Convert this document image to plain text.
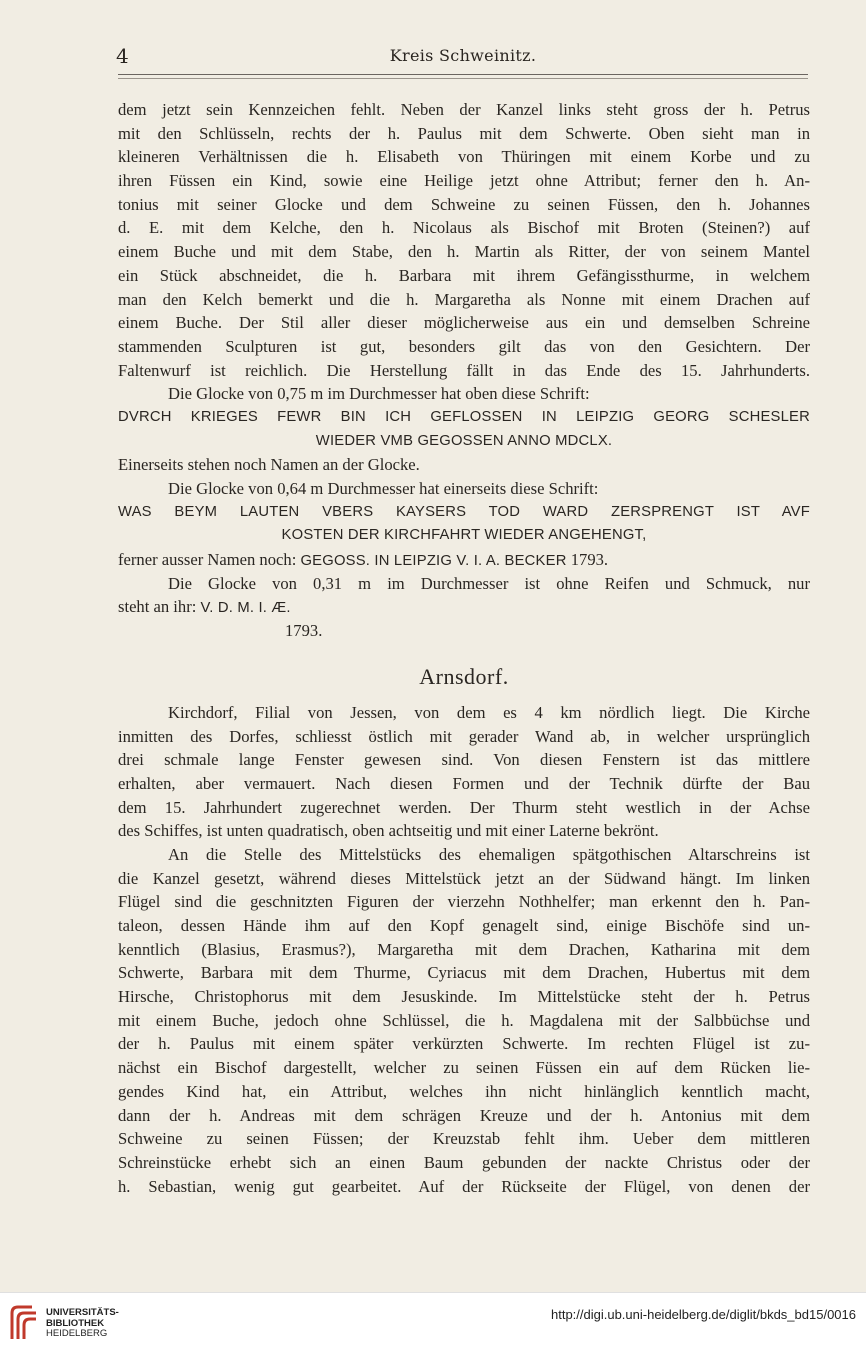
4	Kreis Schweinitz.
dem jetzt sein Kennzeichen fehlt. Neben der Kanzel links steht gross der h. Petrus
mit den Schlüsseln, rechts der h. Paulus mit dem Schwerte. Oben sieht man in
kleineren Verhältnissen die h. Elisabeth von Thüringen mit einem Korbe und zu
ihren Füssen ein Kind, sowie eine Heilige jetzt ohne Attribut; ferner den h. An-
tonius mit seiner Glocke und dem Schweine zu seinen Füssen, den h. Johannes
d. E. mit dem Kelche, den h. Nicolaus als Bischof mit Broten (Steinen?) auf
einem Buche und mit dem Stabe, den h. Martin als Ritter, der von seinem Mantel
ein Stück abschneidet, die h. Barbara mit ihrem Gefängissthurme, in welchem
man den Kelch bemerkt und die h. Margaretha als Nonne mit einem Drachen auf
einem Buche. Der Stil aller dieser möglicherweise aus ein und demselben Schreine
stammenden Sculpturen ist gut, besonders gilt das von den Gesichtern. Der
Faltenwurf ist reichlich. Die Herstellung fällt in das Ende des 15. Jahrhunderts.
Die Glocke von 0,75 m im Durchmesser hat oben diese Schrift:
DVRCH KRIEGES FEWR BIN ICH GEFLOSSEN IN LEIPZIG GEORG SCHESLER
WIEDER VMB GEGOSSEN ANNO MDCLX.
Einerseits stehen noch Namen an der Glocke.
Die Glocke von 0,64 m Durchmesser hat einerseits diese Schrift:
WAS BEYM LAUTEN VBERS KAYSERS TOD WARD ZERSPRENGT IST AVF
KOSTEN DER KIRCHFAHRT WIEDER ANGEHENGT,
ferner ausser Namen noch: GEGOSS. IN LEIPZIG V. I. A. BECKER 1793.
Die Glocke von 0,31 m im Durchmesser ist ohne Reifen und Schmuck, nur
steht an ihr: V. D. M. I. Æ.
1793.
Arnsdorf.
Kirchdorf, Filial von Jessen, von dem es 4 km nördlich liegt. Die Kirche
inmitten des Dorfes, schliesst östlich mit gerader Wand ab, in welcher ursprünglich
drei schmale lange Fenster gewesen sind. Von diesen Fenstern ist das mittlere
erhalten, aber vermauert. Nach diesen Formen und der Technik dürfte der Bau
dem 15. Jahrhundert zugerechnet werden. Der Thurm steht westlich in der Achse
des Schiffes, ist unten quadratisch, oben achtseitig und mit einer Laterne bekrönt.
An die Stelle des Mittelstücks des ehemaligen spätgothischen Altarschreins ist
die Kanzel gesetzt, während dieses Mittelstück jetzt an der Südwand hängt. Im linken
Flügel sind die geschnitzten Figuren der vierzehn Nothhelfer; man erkennt den h. Pan-
taleon, dessen Hände ihm auf den Kopf genagelt sind, einige Bischöfe sind un-
kenntlich (Blasius, Erasmus?), Margaretha mit dem Drachen, Katharina mit dem
Schwerte, Barbara mit dem Thurme, Cyriacus mit dem Drachen, Hubertus mit dem
Hirsche, Christophorus mit dem Jesuskinde. Im Mittelstücke steht der h. Petrus
mit einem Buche, jedoch ohne Schlüssel, die h. Magdalena mit der Salbbüchse und
der h. Paulus mit einem später verkürzten Schwerte. Im rechten Flügel ist zu-
nächst ein Bischof dargestellt, welcher zu seinen Füssen ein auf dem Rücken lie-
gendes Kind hat, ein Attribut, welches ihn nicht hinlänglich kenntlich macht,
dann der h. Andreas mit dem schrägen Kreuze und der h. Antonius mit dem
Schweine zu seinen Füssen; der Kreuzstab fehlt ihm. Ueber dem mittleren
Schreinstücke erhebt sich an einen Baum gebunden der nackte Christus oder der
h. Sebastian, wenig gut gearbeitet. Auf der Rückseite der Flügel, von denen der
UNIVERSITÄTS-
BIBLIOTHEK
HEIDELBERG
http://digi.ub.uni-heidelberg.de/diglit/bkds_bd15/0016
